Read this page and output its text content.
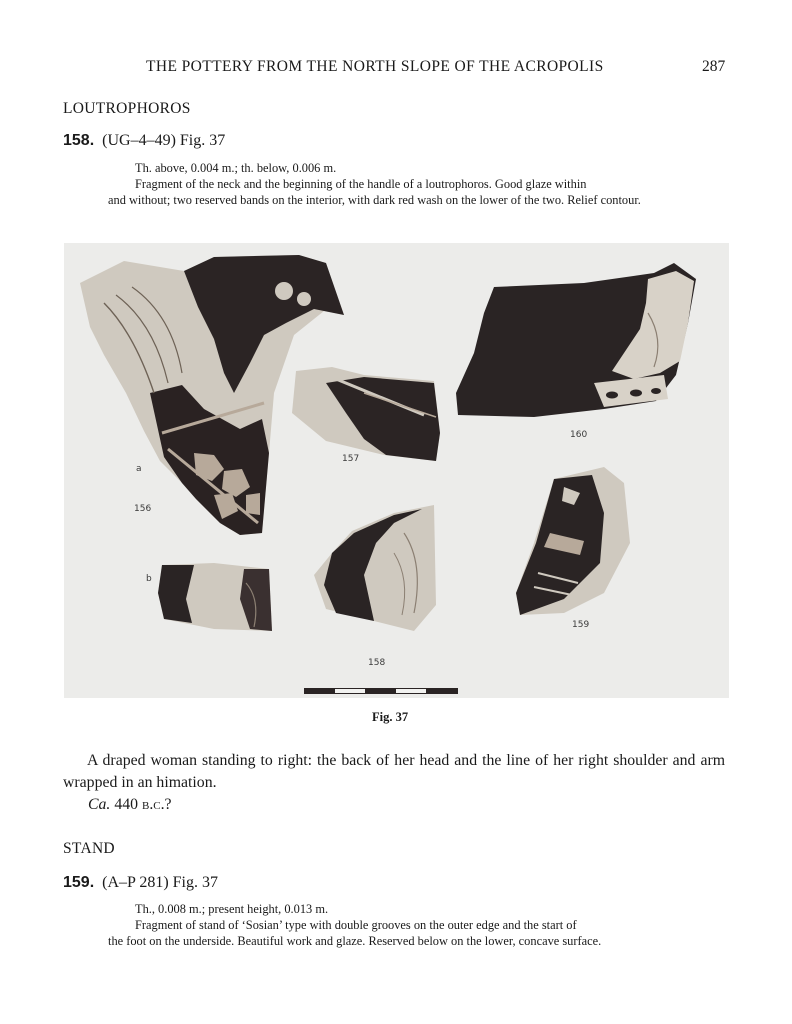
THE POTTERY FROM THE NORTH SLOPE OF THE ACROPOLIS	287
LOUTROPHOROS
158. (UG–4–49) Fig. 37
Th. above, 0.004 m.; th. below, 0.006 m.
Fragment of the neck and the beginning of the handle of a loutrophoros. Good glaze within
and without; two reserved bands on the interior, with dark red wash on the lower of the two. Relief contour.
a
156
b
157
158
159
160
Fig. 37
A draped woman standing to right: the back of her head and the line of her right shoulder and arm wrapped in an himation.
Ca. 440 b.c.?
STAND
159. (A–P 281) Fig. 37
Th., 0.008 m.; present height, 0.013 m.
Fragment of stand of ‘Sosian’ type with double grooves on the outer edge and the start of
the foot on the underside. Beautiful work and glaze. Reserved below on the lower, concave surface.
